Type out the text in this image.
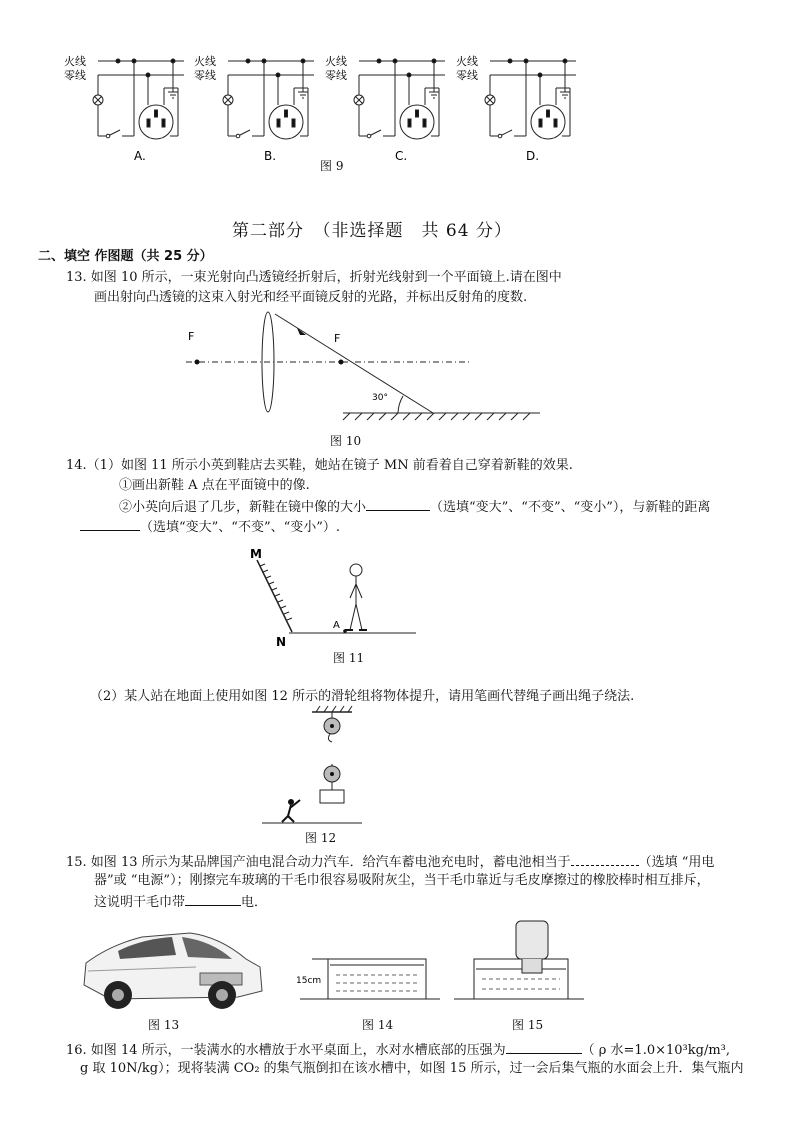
火线
零线
A.
火线
零线
B.
火线
零线
C.
火线
零线
D.
图 9
第二部分　（非选择题　共 64 分）
二、填空 作图题（共 25 分）
13. 如图 10 所示，一束光射向凸透镜经折射后，折射光线射到一个平面镜上.请在图中
画出射向凸透镜的这束入射光和经平面镜反射的光路，并标出反射角的度数.
F	F
30°
图 10
14.（1）如图 11 所示小英到鞋店去买鞋，她站在镜子 MN 前看着自己穿着新鞋的效果.
①画出新鞋 A 点在平面镜中的像.
②小英向后退了几步，新鞋在镜中像的大小	（选填“变大”、“不变”、“变小”），与新鞋的距离
（选填“变大”、“不变”、“变小”）.
M
N
A
图 11
（2）某人站在地面上使用如图 12 所示的滑轮组将物体提升，请用笔画代替绳子画出绳子绕法.
图 12
15. 如图 13 所示为某品牌国产油电混合动力汽车．给汽车蓄电池充电时，蓄电池相当于	（选填 “用电
器”或 “电源”）；刚擦完车玻璃的干毛巾很容易吸附灰尘，当干毛巾靠近与毛皮摩擦过的橡胶棒时相互排斥，
这说明干毛巾带	电．
图 13
15cm
图 14	图 15
16. 如图 14 所示，一装满水的水槽放于水平桌面上，水对水槽底部的压强为	（ ρ 水=1.0×10³kg/m³,
g 取 10N/kg）；现将装满 CO₂ 的集气瓶倒扣在该水槽中，如图 15 所示，过一会后集气瓶的水面会上升．集气瓶内
